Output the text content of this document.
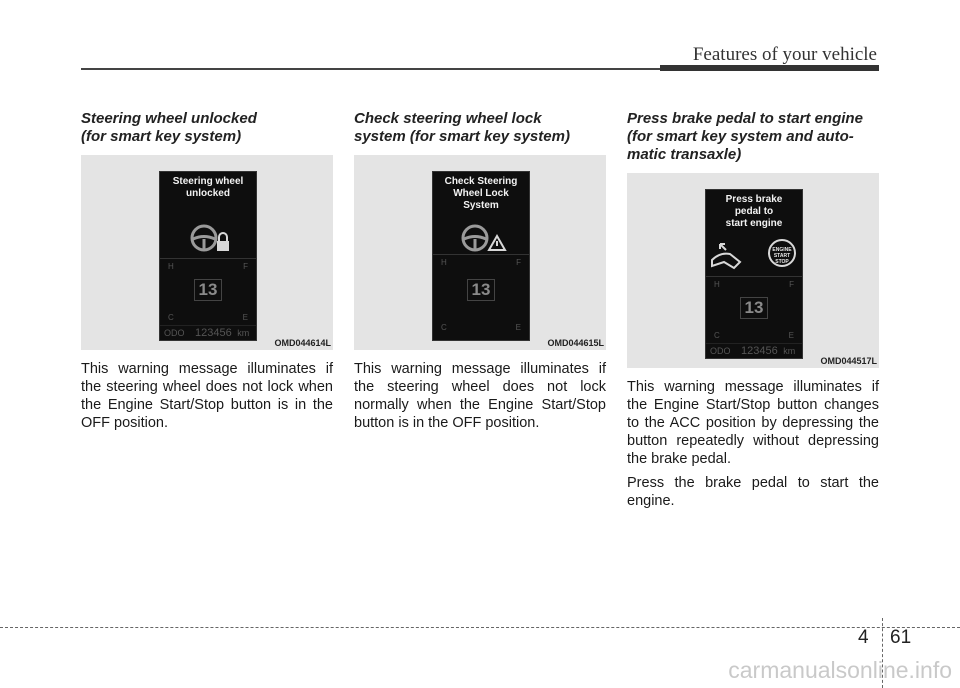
Features of your vehicle
Steering wheel unlocked
(for smart key system)
Steering wheel
unlocked
H	F
13
C	E
ODO 123456 km
OMD044614L

This warning message illuminates if the steering wheel does not lock when the Engine Start/Stop button is in the OFF position.

Check steering wheel lock
system (for smart key system)
Check Steering
Wheel Lock
System
H	F
13
C	E
OMD044615L

This warning message illuminates if the steering wheel does not lock normally when the Engine Start/Stop button is in the OFF position.

Press brake pedal to start engine
(for smart key system and auto-
matic transaxle)
Press brake
pedal to
start engine
ENGINE
START
STOP
H	F
13
C	E
ODO 123456 km
OMD044517L

This warning message illuminates if the Engine Start/Stop button changes to the ACC position by depressing the button repeatedly without depressing the brake pedal.

Press the brake pedal to start the engine.

4 61
carmanualsonline.info
